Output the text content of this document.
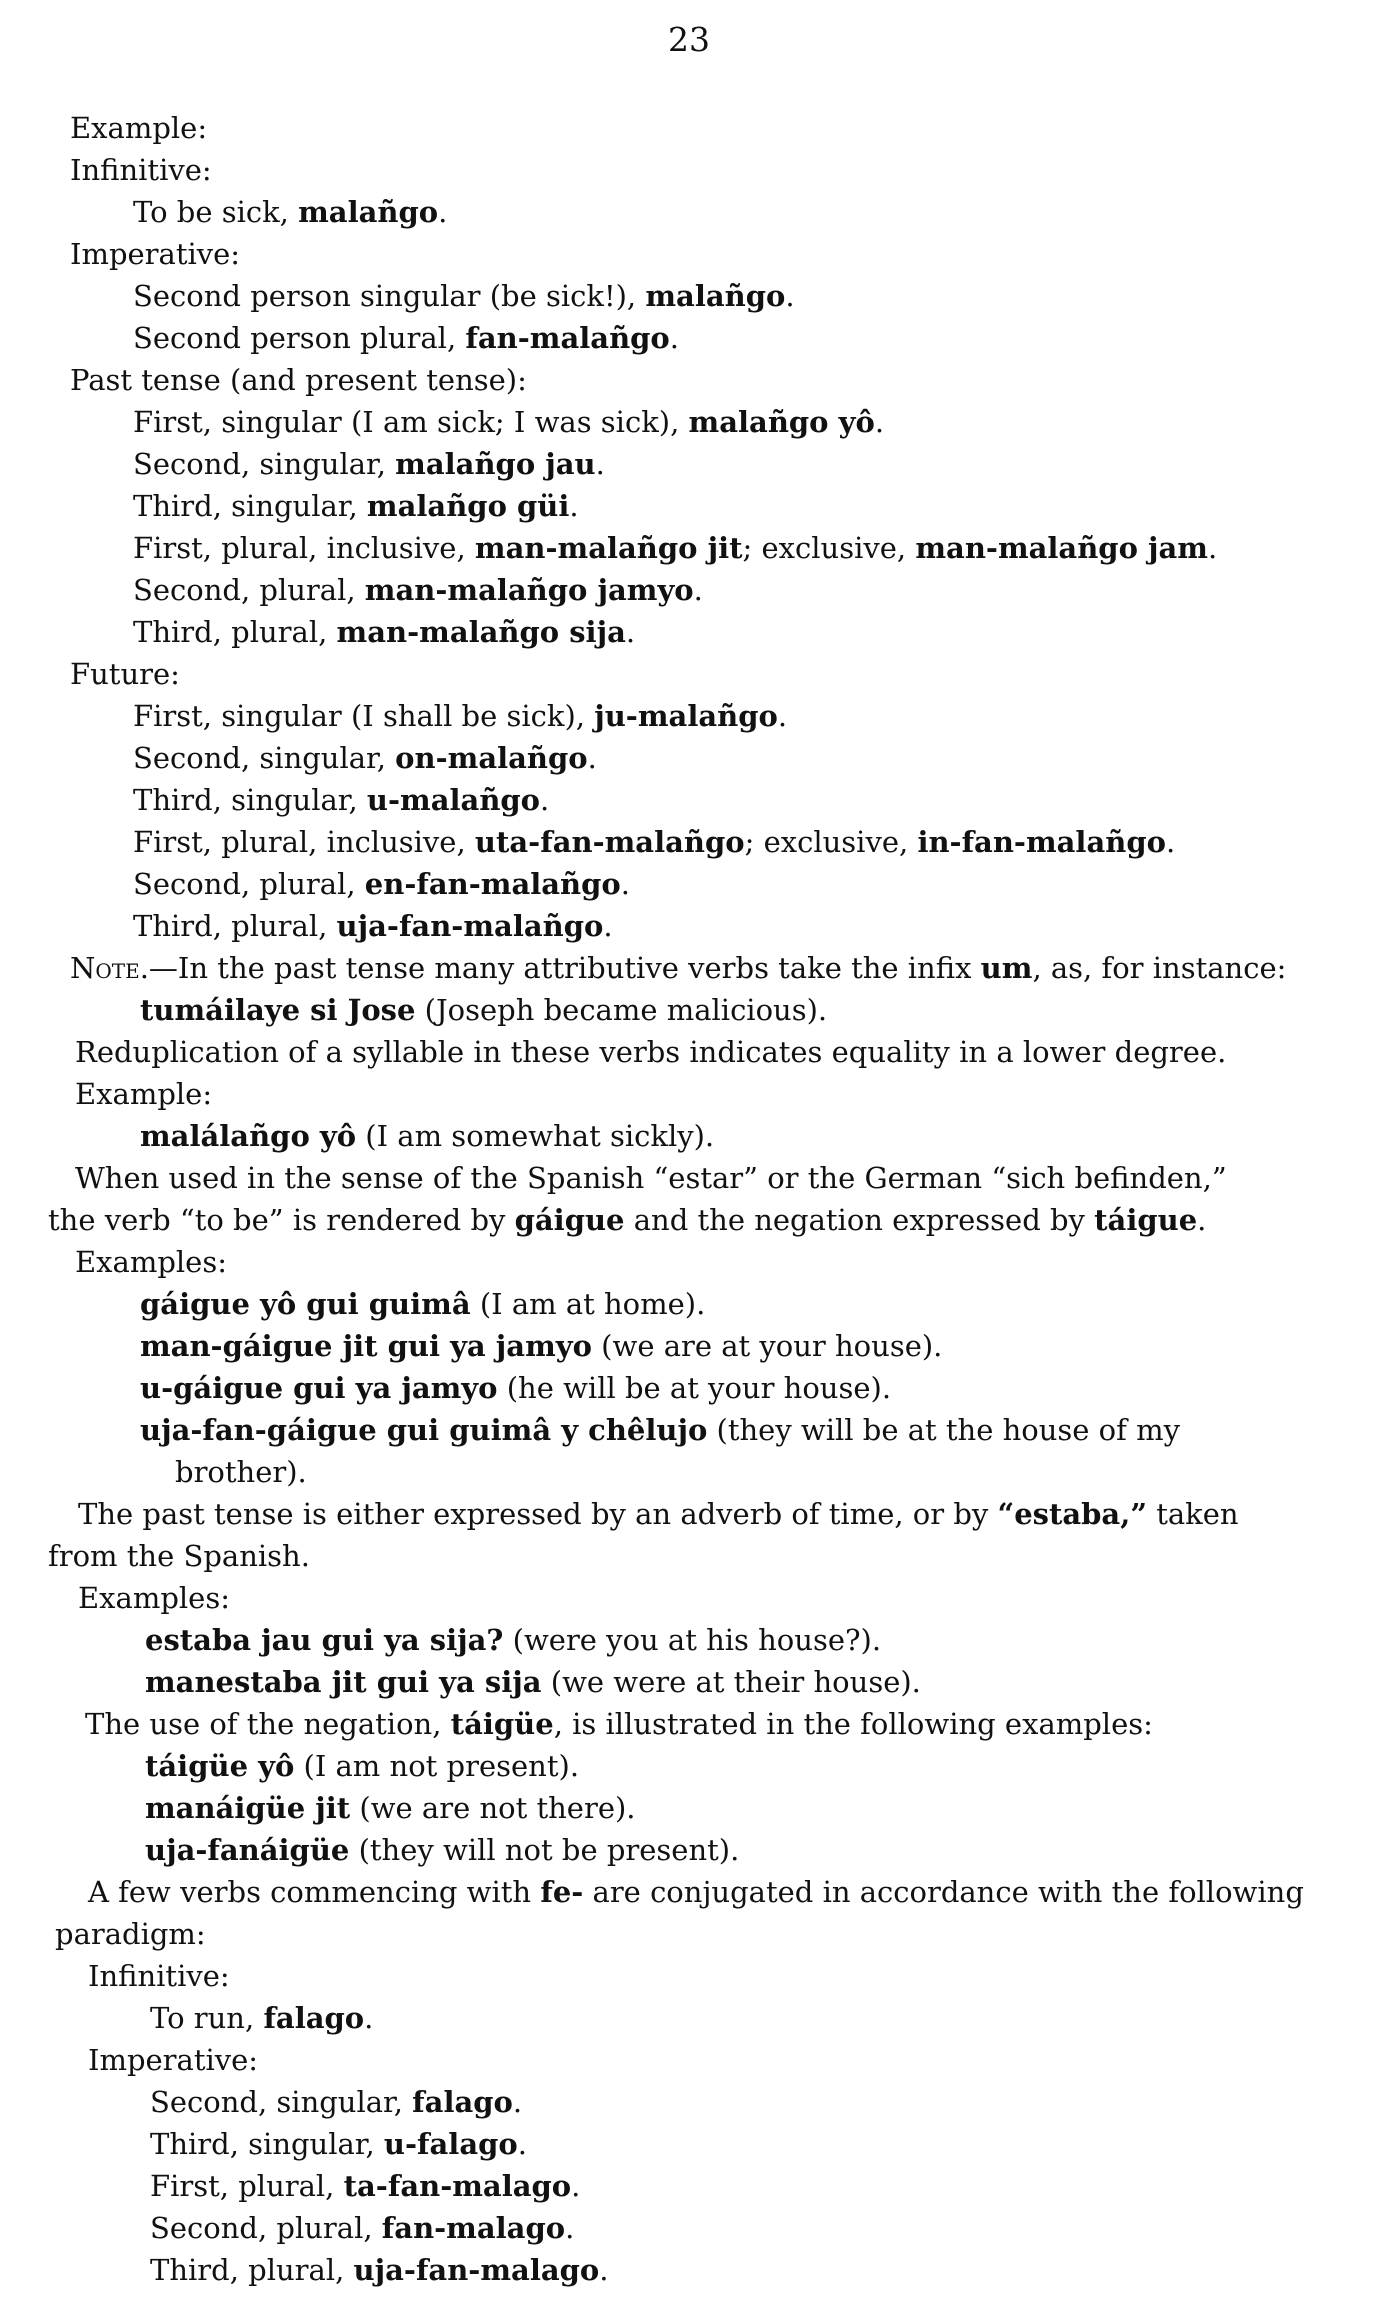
23
Example:
Infinitive:
To be sick, malañgo.
Imperative:
Second person singular (be sick!), malañgo.
Second person plural, fan-malañgo.
Past tense (and present tense):
First, singular (I am sick; I was sick), malañgo yô.
Second, singular, malañgo jau.
Third, singular, malañgo güi.
First, plural, inclusive, man-malañgo jit; exclusive, man-malañgo jam.
Second, plural, man-malañgo jamyo.
Third, plural, man-malañgo sija.
Future:
First, singular (I shall be sick), ju-malañgo.
Second, singular, on-malañgo.
Third, singular, u-malañgo.
First, plural, inclusive, uta-fan-malañgo; exclusive, in-fan-malañgo.
Second, plural, en-fan-malañgo.
Third, plural, uja-fan-malañgo.
Note.—In the past tense many attributive verbs take the infix um, as, for instance:
tumáilaye si Jose (Joseph became malicious).
Reduplication of a syllable in these verbs indicates equality in a lower degree.
Example:
malálañgo yô (I am somewhat sickly).
When used in the sense of the Spanish “estar” or the German “sich befinden,”
the verb “to be” is rendered by gáigue and the negation expressed by táigue.
Examples:
gáigue yô gui guimâ (I am at home).
man-gáigue jit gui ya jamyo (we are at your house).
u-gáigue gui ya jamyo (he will be at your house).
uja-fan-gáigue gui guimâ y chêlujo (they will be at the house of my
brother).
The past tense is either expressed by an adverb of time, or by “estaba,” taken
from the Spanish.
Examples:
estaba jau gui ya sija? (were you at his house?).
manestaba jit gui ya sija (we were at their house).
The use of the negation, táigüe, is illustrated in the following examples:
táigüe yô (I am not present).
manáigüe jit (we are not there).
uja-fanáigüe (they will not be present).
A few verbs commencing with fe- are conjugated in accordance with the following
paradigm:
Infinitive:
To run, falago.
Imperative:
Second, singular, falago.
Third, singular, u-falago.
First, plural, ta-fan-malago.
Second, plural, fan-malago.
Third, plural, uja-fan-malago.
